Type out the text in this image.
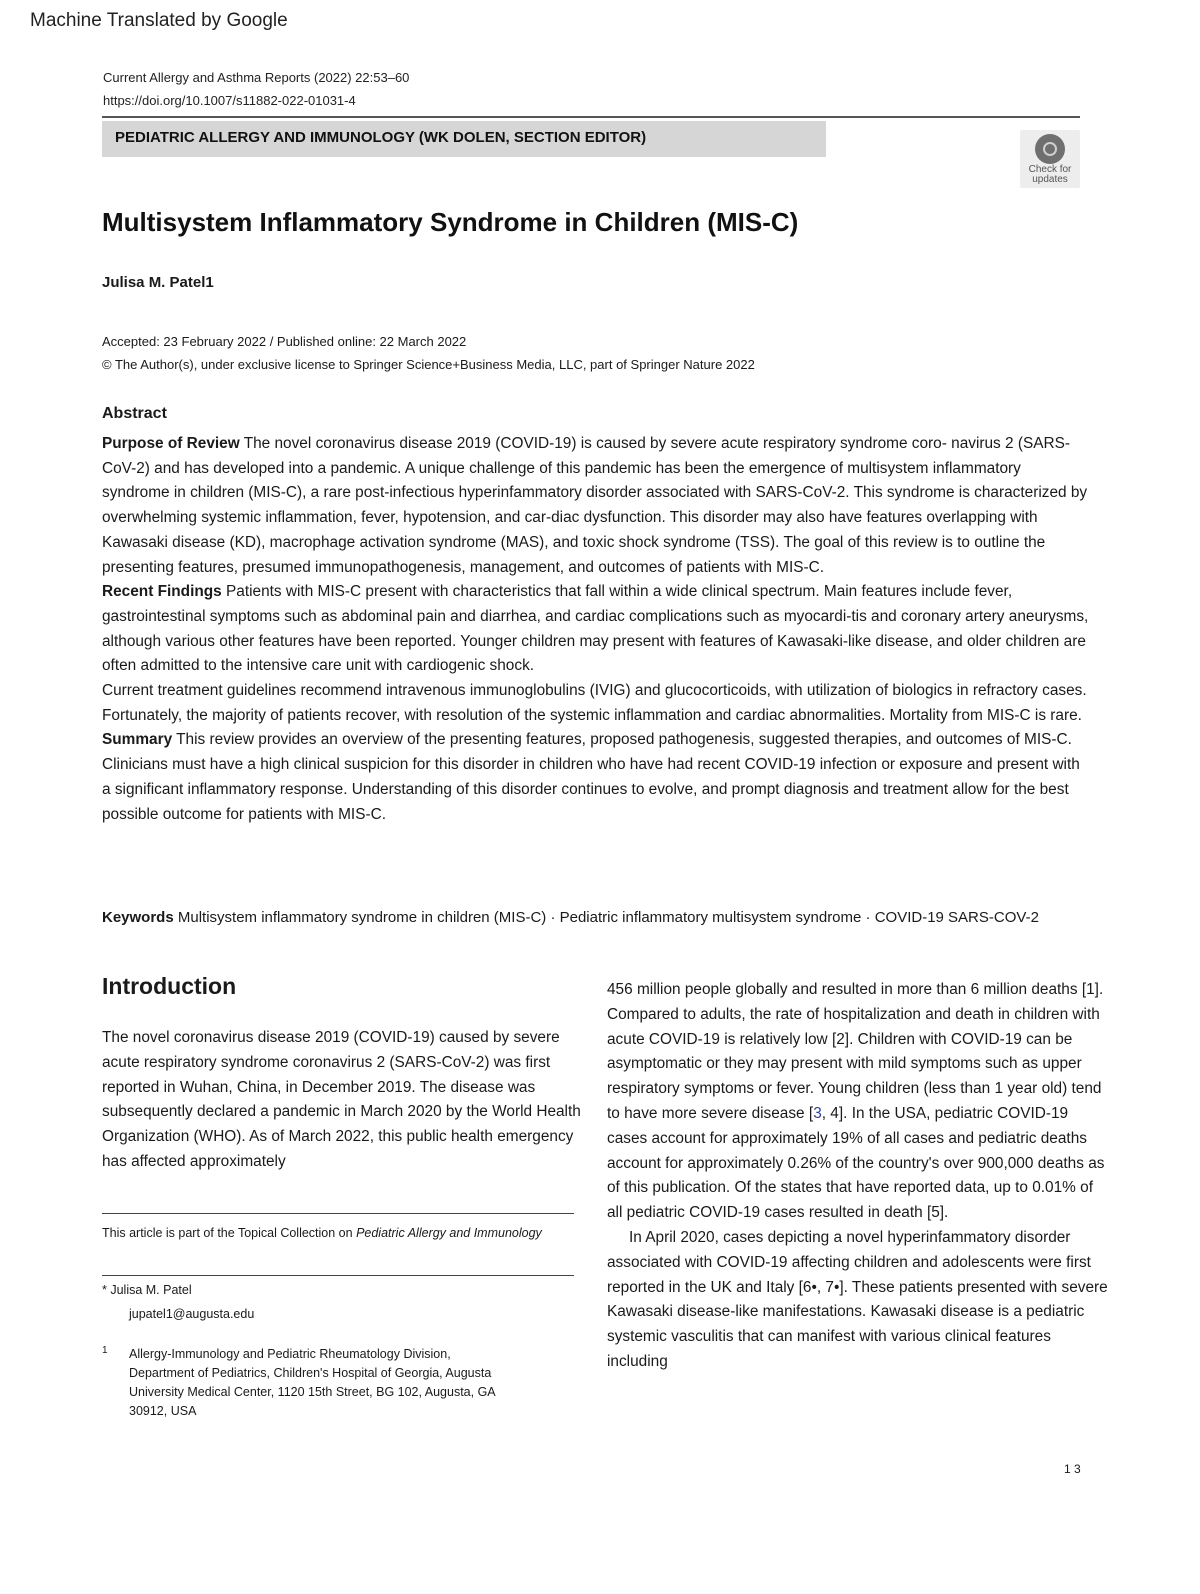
Machine Translated by Google
Current Allergy and Asthma Reports (2022) 22:53–60
https://doi.org/10.1007/s11882-022-01031-4
PEDIATRIC ALLERGY AND IMMUNOLOGY (WK DOLEN, SECTION EDITOR)
Check for
updates
Multisystem Inflammatory Syndrome in Children (MIS-C)
Julisa M. Patel1
Accepted: 23 February 2022 / Published online: 22 March 2022
© The Author(s), under exclusive license to Springer Science+Business Media, LLC, part of Springer Nature 2022
Abstract

Purpose of Review The novel coronavirus disease 2019 (COVID-19) is caused by severe acute respiratory syndrome coro- navirus 2 (SARS-CoV-2) and has developed into a pandemic. A unique challenge of this pandemic has been the emergence of multisystem inflammatory syndrome in children (MIS-C), a rare post-infectious hyperinfammatory disorder associated with SARS-CoV-2. This syndrome is characterized by overwhelming systemic inflammation, fever, hypotension, and car-diac dysfunction. This disorder may also have features overlapping with Kawasaki disease (KD), macrophage activation syndrome (MAS), and toxic shock syndrome (TSS). The goal of this review is to outline the presenting features, presumed immunopathogenesis, management, and outcomes of patients with MIS-C.

Recent Findings Patients with MIS-C present with characteristics that fall within a wide clinical spectrum. Main features include fever, gastrointestinal symptoms such as abdominal pain and diarrhea, and cardiac complications such as myocardi-tis and coronary artery aneurysms, although various other features have been reported. Younger children may present with features of Kawasaki-like disease, and older children are often admitted to the intensive care unit with cardiogenic shock.

Current treatment guidelines recommend intravenous immunoglobulins (IVIG) and glucocorticoids, with utilization of biologics in refractory cases. Fortunately, the majority of patients recover, with resolution of the systemic inflammation and cardiac abnormalities. Mortality from MIS-C is rare.

Summary This review provides an overview of the presenting features, proposed pathogenesis, suggested therapies, and outcomes of MIS-C. Clinicians must have a high clinical suspicion for this disorder in children who have had recent COVID-19 infection or exposure and present with a significant inflammatory response. Understanding of this disorder continues to evolve, and prompt diagnosis and treatment allow for the best possible outcome for patients with MIS-C.

Keywords Multisystem inflammatory syndrome in children (MIS-C) · Pediatric inflammatory multisystem syndrome · COVID-19 SARS-COV-2
Introduction
The novel coronavirus disease 2019 (COVID-19) caused by severe acute respiratory syndrome coronavirus 2 (SARS-CoV-2) was first reported in Wuhan, China, in December 2019. The disease was subsequently declared a pandemic in March 2020 by the World Health Organization (WHO). As of March 2022, this public health emergency has affected approximately
This article is part of the Topical Collection on Pediatric Allergy and Immunology
* Julisa M. Patel
jupatel1@augusta.edu
1 Allergy-Immunology and Pediatric Rheumatology Division, Department of Pediatrics, Children's Hospital of Georgia, Augusta University Medical Center, 1120 15th Street, BG 102, Augusta, GA 30912, USA

456 million people globally and resulted in more than 6 million deaths [1]. Compared to adults, the rate of hospitalization and death in children with acute COVID-19 is relatively low [2]. Children with COVID-19 can be asymptomatic or they may present with mild symptoms such as upper respiratory symptoms or fever. Young children (less than 1 year old) tend to have more severe disease [3, 4]. In the USA, pediatric COVID-19 cases account for approximately 19% of all cases and pediatric deaths account for approximately 0.26% of the country's over 900,000 deaths as of this publication. Of the states that have reported data, up to 0.01% of all pediatric COVID-19 cases resulted in death [5].

In April 2020, cases depicting a novel hyperinfammatory disorder associated with COVID-19 affecting children and adolescents were first reported in the UK and Italy [6•, 7•]. These patients presented with severe Kawasaki disease-like manifestations. Kawasaki disease is a pediatric systemic vasculitis that can manifest with various clinical features including

1 3
